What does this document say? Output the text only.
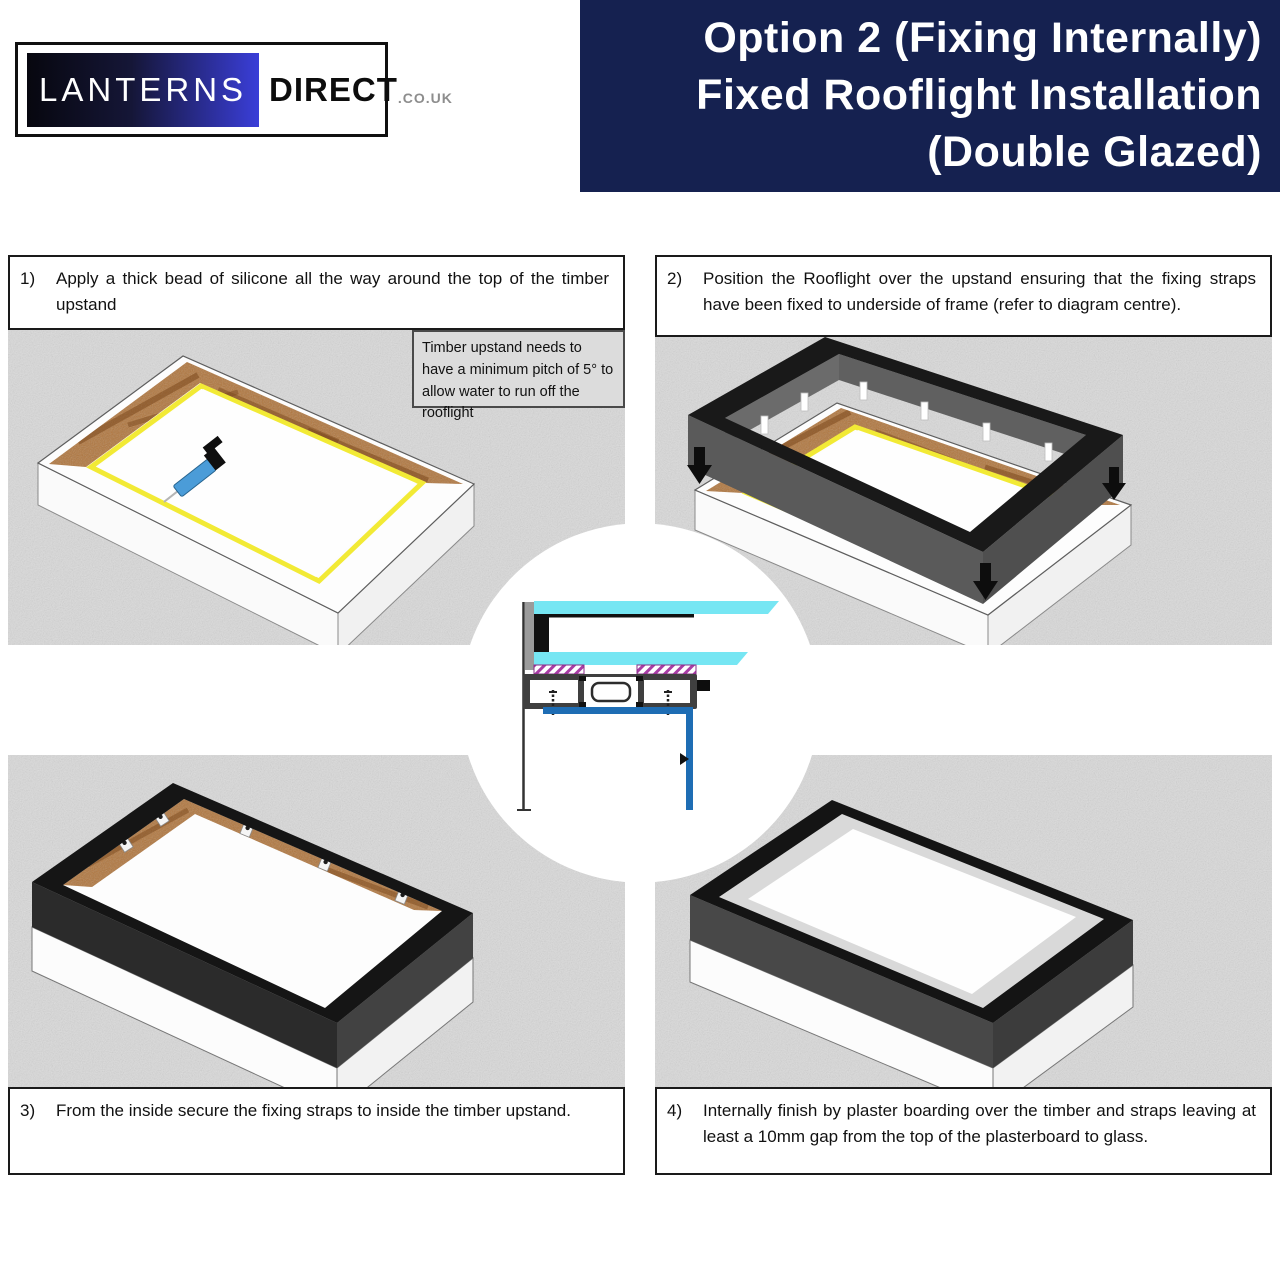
LANTERNS DIRECT .CO.UK
Option 2 (Fixing Internally)
Fixed Rooflight Installation
(Double Glazed)
1)	Apply a thick bead of silicone all the way around the top of the timber upstand
2)	Position the Rooflight over the upstand ensuring that the fixing straps have been fixed to underside of frame (refer to diagram centre).
3)	From the inside secure the fixing straps to inside the timber upstand.	4)	Internally finish by plaster boarding over the timber and straps leaving at least a 10mm gap from the top of the plasterboard to glass.
Timber upstand needs to have a minimum pitch of 5° to allow water to run off the rooflight
